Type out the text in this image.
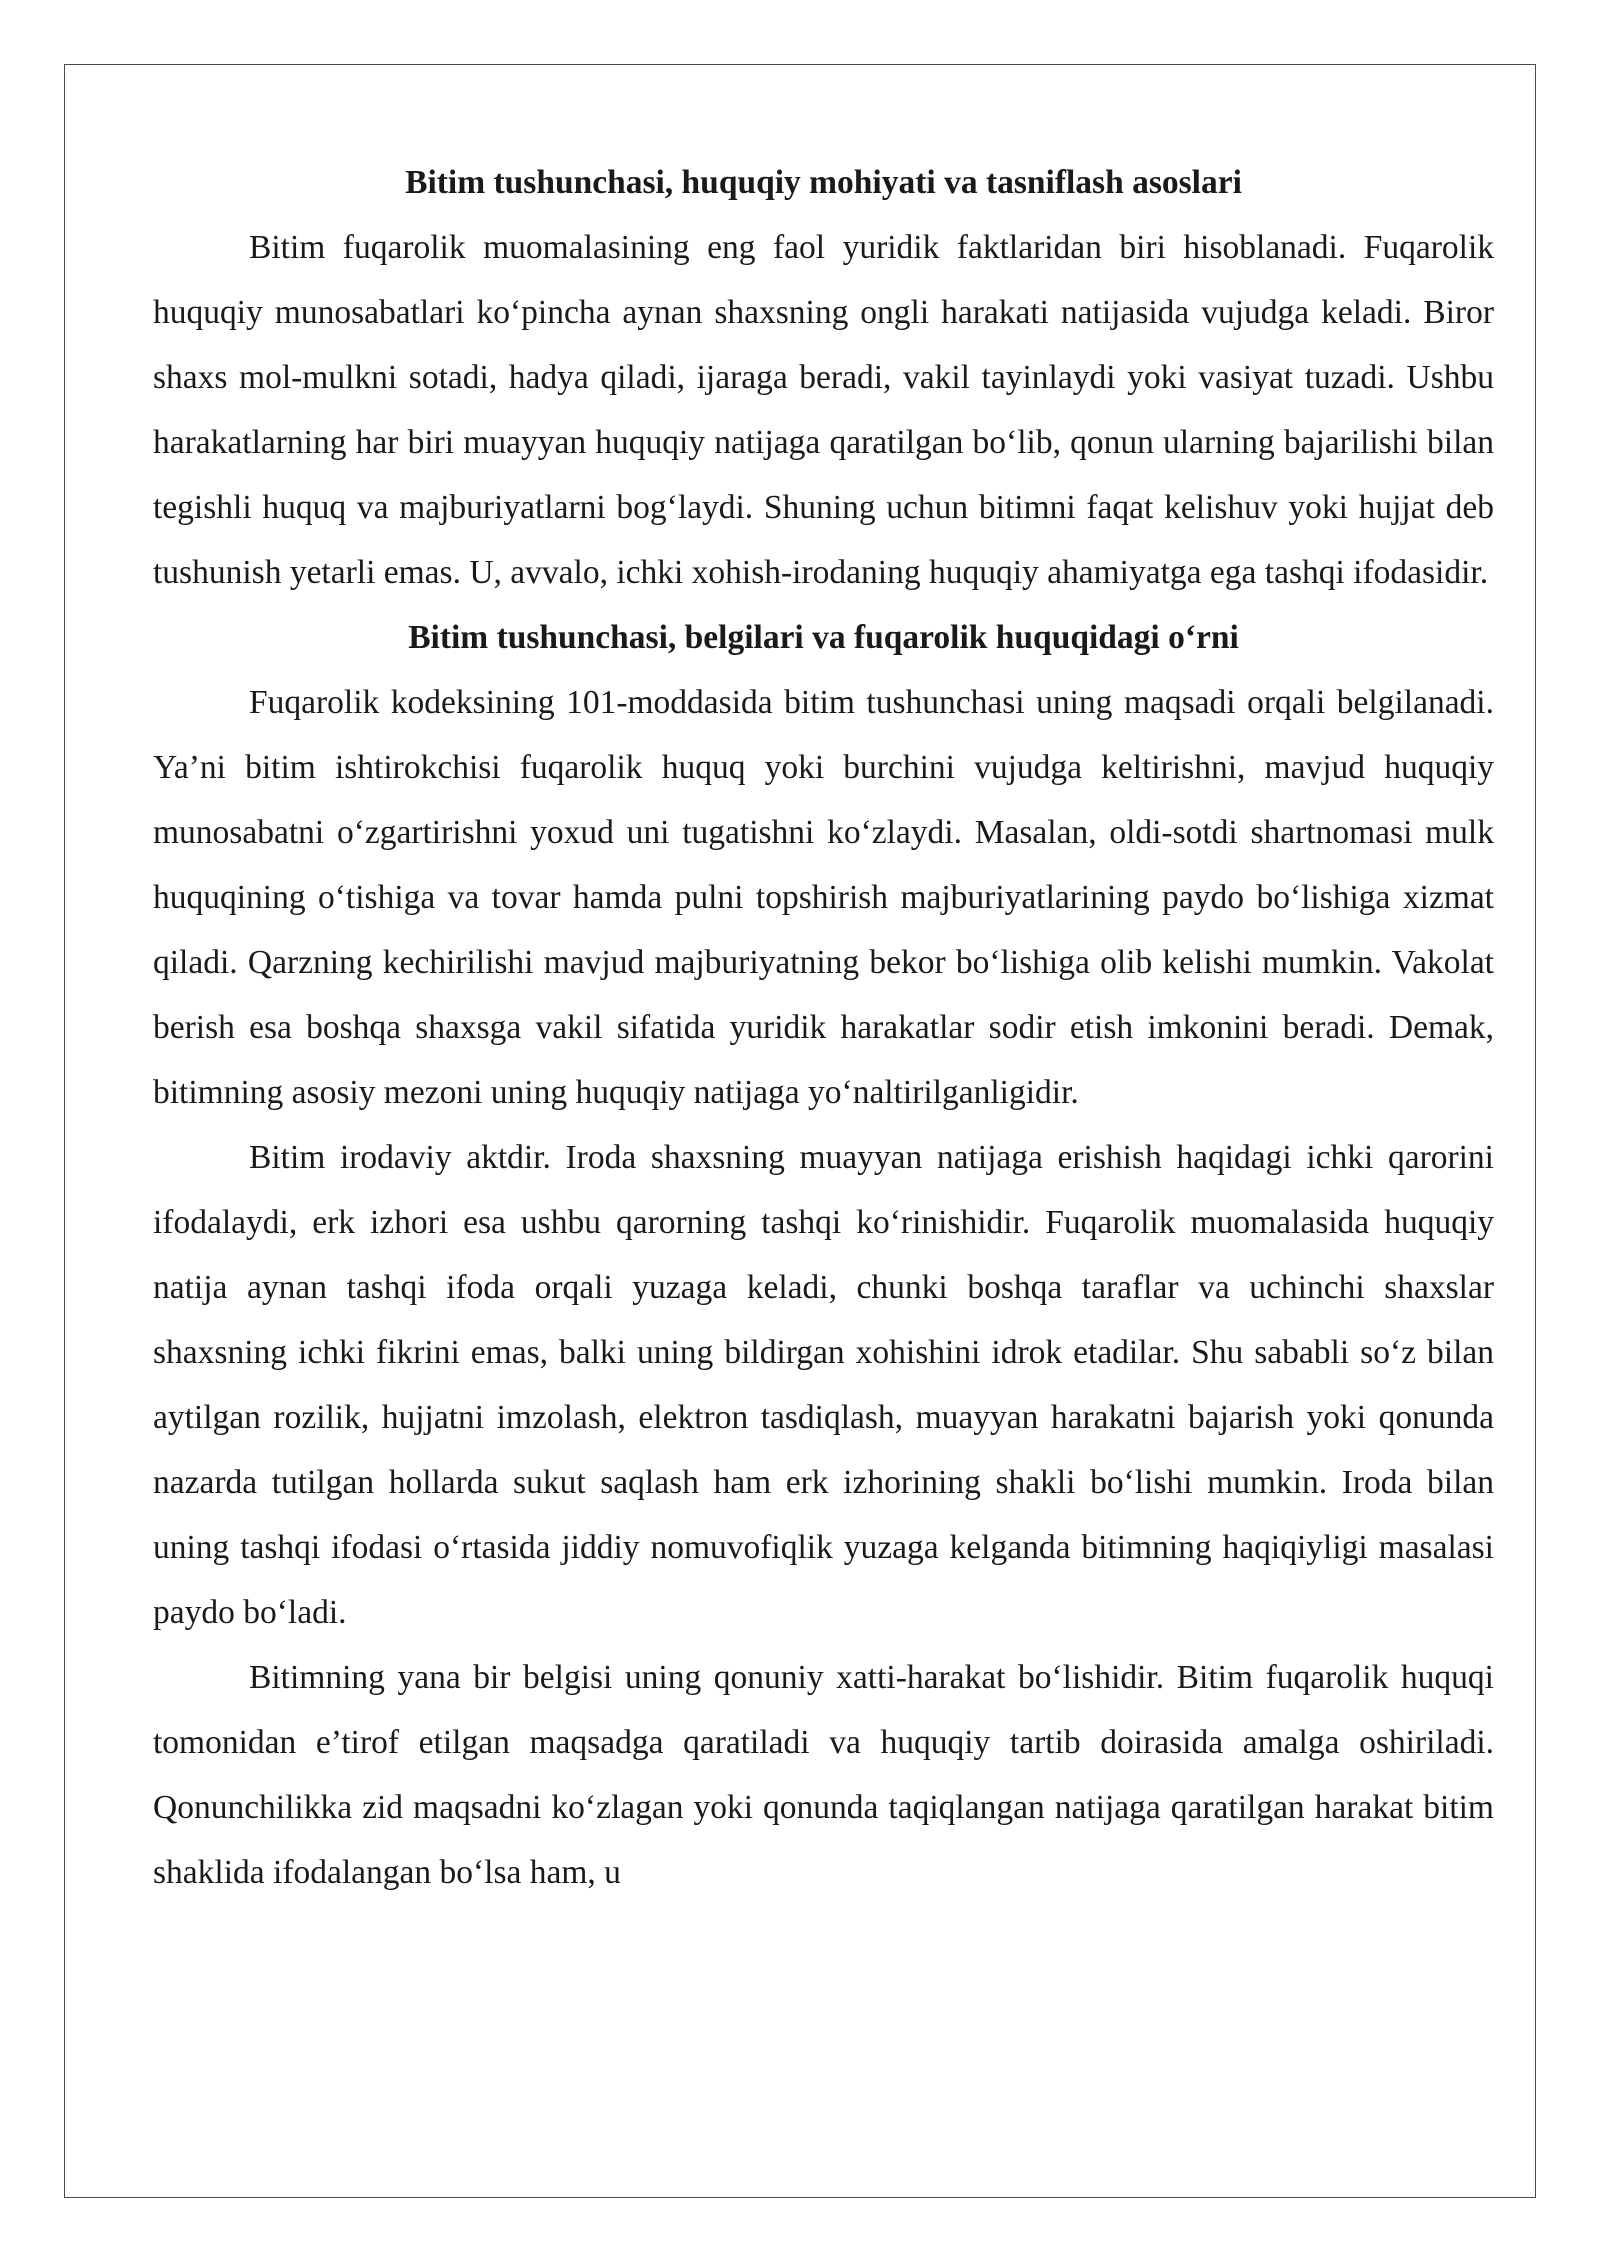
Bitim tushunchasi, huquqiy mohiyati va tasniflash asoslari

Bitim fuqarolik muomalasining eng faol yuridik faktlaridan biri hisoblanadi. Fuqarolik huquqiy munosabatlari ko‘pincha aynan shaxsning ongli harakati natijasida vujudga keladi. Biror shaxs mol-mulkni sotadi, hadya qiladi, ijaraga beradi, vakil tayinlaydi yoki vasiyat tuzadi. Ushbu harakatlarning har biri muayyan huquqiy natijaga qaratilgan bo‘lib, qonun ularning bajarilishi bilan tegishli huquq va majburiyatlarni bog‘laydi. Shuning uchun bitimni faqat kelishuv yoki hujjat deb tushunish yetarli emas. U, avvalo, ichki xohish-irodaning huquqiy ahamiyatga ega tashqi ifodasidir.

Bitim tushunchasi, belgilari va fuqarolik huquqidagi o‘rni

Fuqarolik kodeksining 101-moddasida bitim tushunchasi uning maqsadi orqali belgilanadi. Ya’ni bitim ishtirokchisi fuqarolik huquq yoki burchini vujudga keltirishni, mavjud huquqiy munosabatni o‘zgartirishni yoxud uni tugatishni ko‘zlaydi. Masalan, oldi-sotdi shartnomasi mulk huquqining o‘tishiga va tovar hamda pulni topshirish majburiyatlarining paydo bo‘lishiga xizmat qiladi. Qarzning kechirilishi mavjud majburiyatning bekor bo‘lishiga olib kelishi mumkin. Vakolat berish esa boshqa shaxsga vakil sifatida yuridik harakatlar sodir etish imkonini beradi. Demak, bitimning asosiy mezoni uning huquqiy natijaga yo‘naltirilganligidir.

Bitim irodaviy aktdir. Iroda shaxsning muayyan natijaga erishish haqidagi ichki qarorini ifodalaydi, erk izhori esa ushbu qarorning tashqi ko‘rinishidir. Fuqarolik muomalasida huquqiy natija aynan tashqi ifoda orqali yuzaga keladi, chunki boshqa taraflar va uchinchi shaxslar shaxsning ichki fikrini emas, balki uning bildirgan xohishini idrok etadilar. Shu sababli so‘z bilan aytilgan rozilik, hujjatni imzolash, elektron tasdiqlash, muayyan harakatni bajarish yoki qonunda nazarda tutilgan hollarda sukut saqlash ham erk izhorining shakli bo‘lishi mumkin. Iroda bilan uning tashqi ifodasi o‘rtasida jiddiy nomuvofiqlik yuzaga kelganda bitimning haqiqiyligi masalasi paydo bo‘ladi.

Bitimning yana bir belgisi uning qonuniy xatti-harakat bo‘lishidir. Bitim fuqarolik huquqi tomonidan e’tirof etilgan maqsadga qaratiladi va huquqiy tartib doirasida amalga oshiriladi. Qonunchilikka zid maqsadni ko‘zlagan yoki qonunda taqiqlangan natijaga qaratilgan harakat bitim shaklida ifodalangan bo‘lsa ham, u
